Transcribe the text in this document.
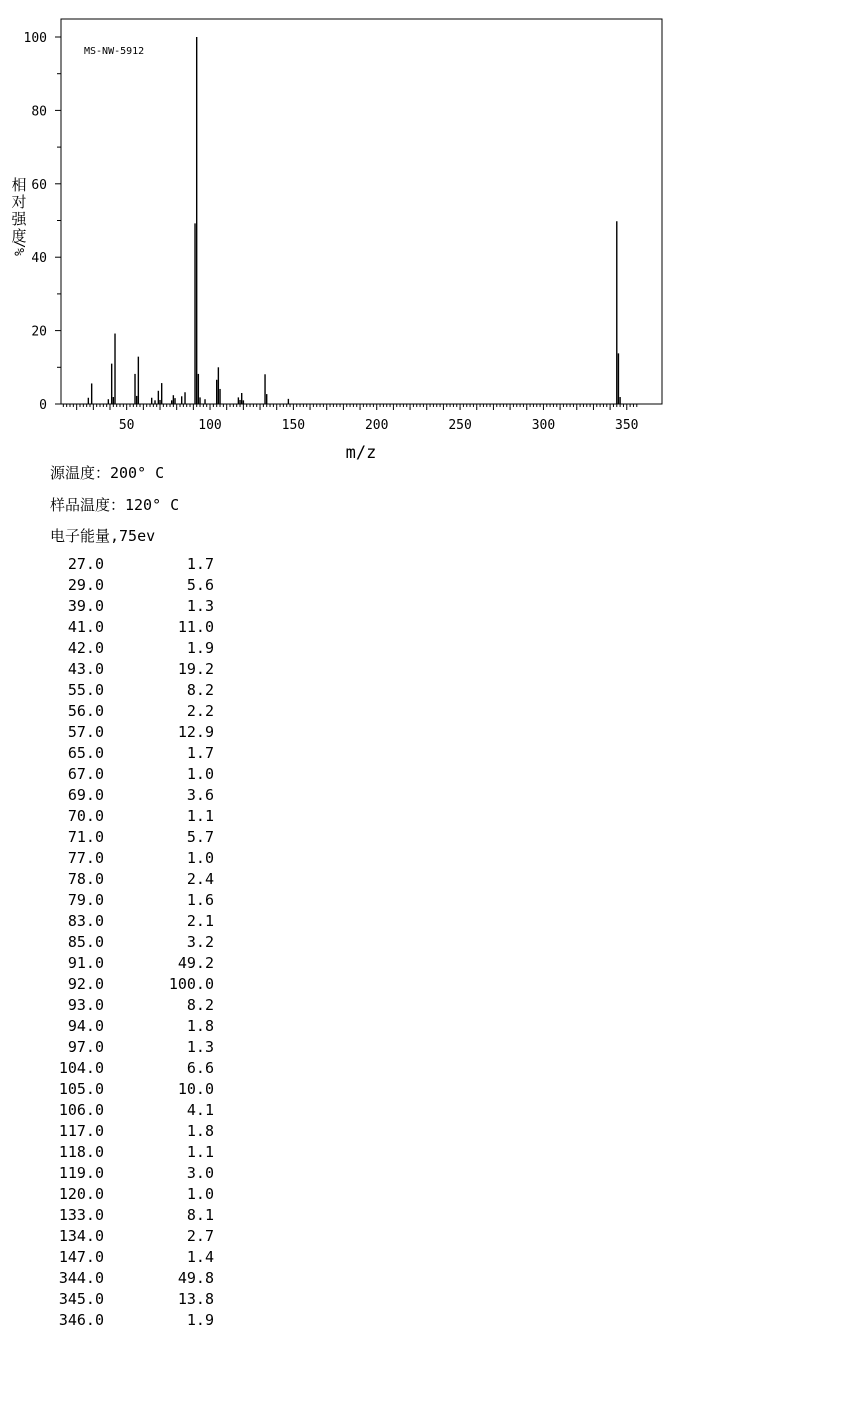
50	100	150	200	250	300	350
0
20
40
60
80
100
MS-NW-5912
m/z
相
对
强
度
%/
源温度：200° C
样品温度：120° C
电子能量,75ev
27.0	1.7
29.0	5.6
39.0	1.3
41.0	11.0
42.0	1.9
43.0	19.2
55.0	8.2
56.0	2.2
57.0	12.9
65.0	1.7
67.0	1.0
69.0	3.6
70.0	1.1
71.0	5.7
77.0	1.0
78.0	2.4
79.0	1.6
83.0	2.1
85.0	3.2
91.0	49.2
92.0	100.0
93.0	8.2
94.0	1.8
97.0	1.3
104.0	6.6
105.0	10.0
106.0	4.1
117.0	1.8
118.0	1.1
119.0	3.0
120.0	1.0
133.0	8.1
134.0	2.7
147.0	1.4
344.0	49.8
345.0	13.8
346.0	1.9
